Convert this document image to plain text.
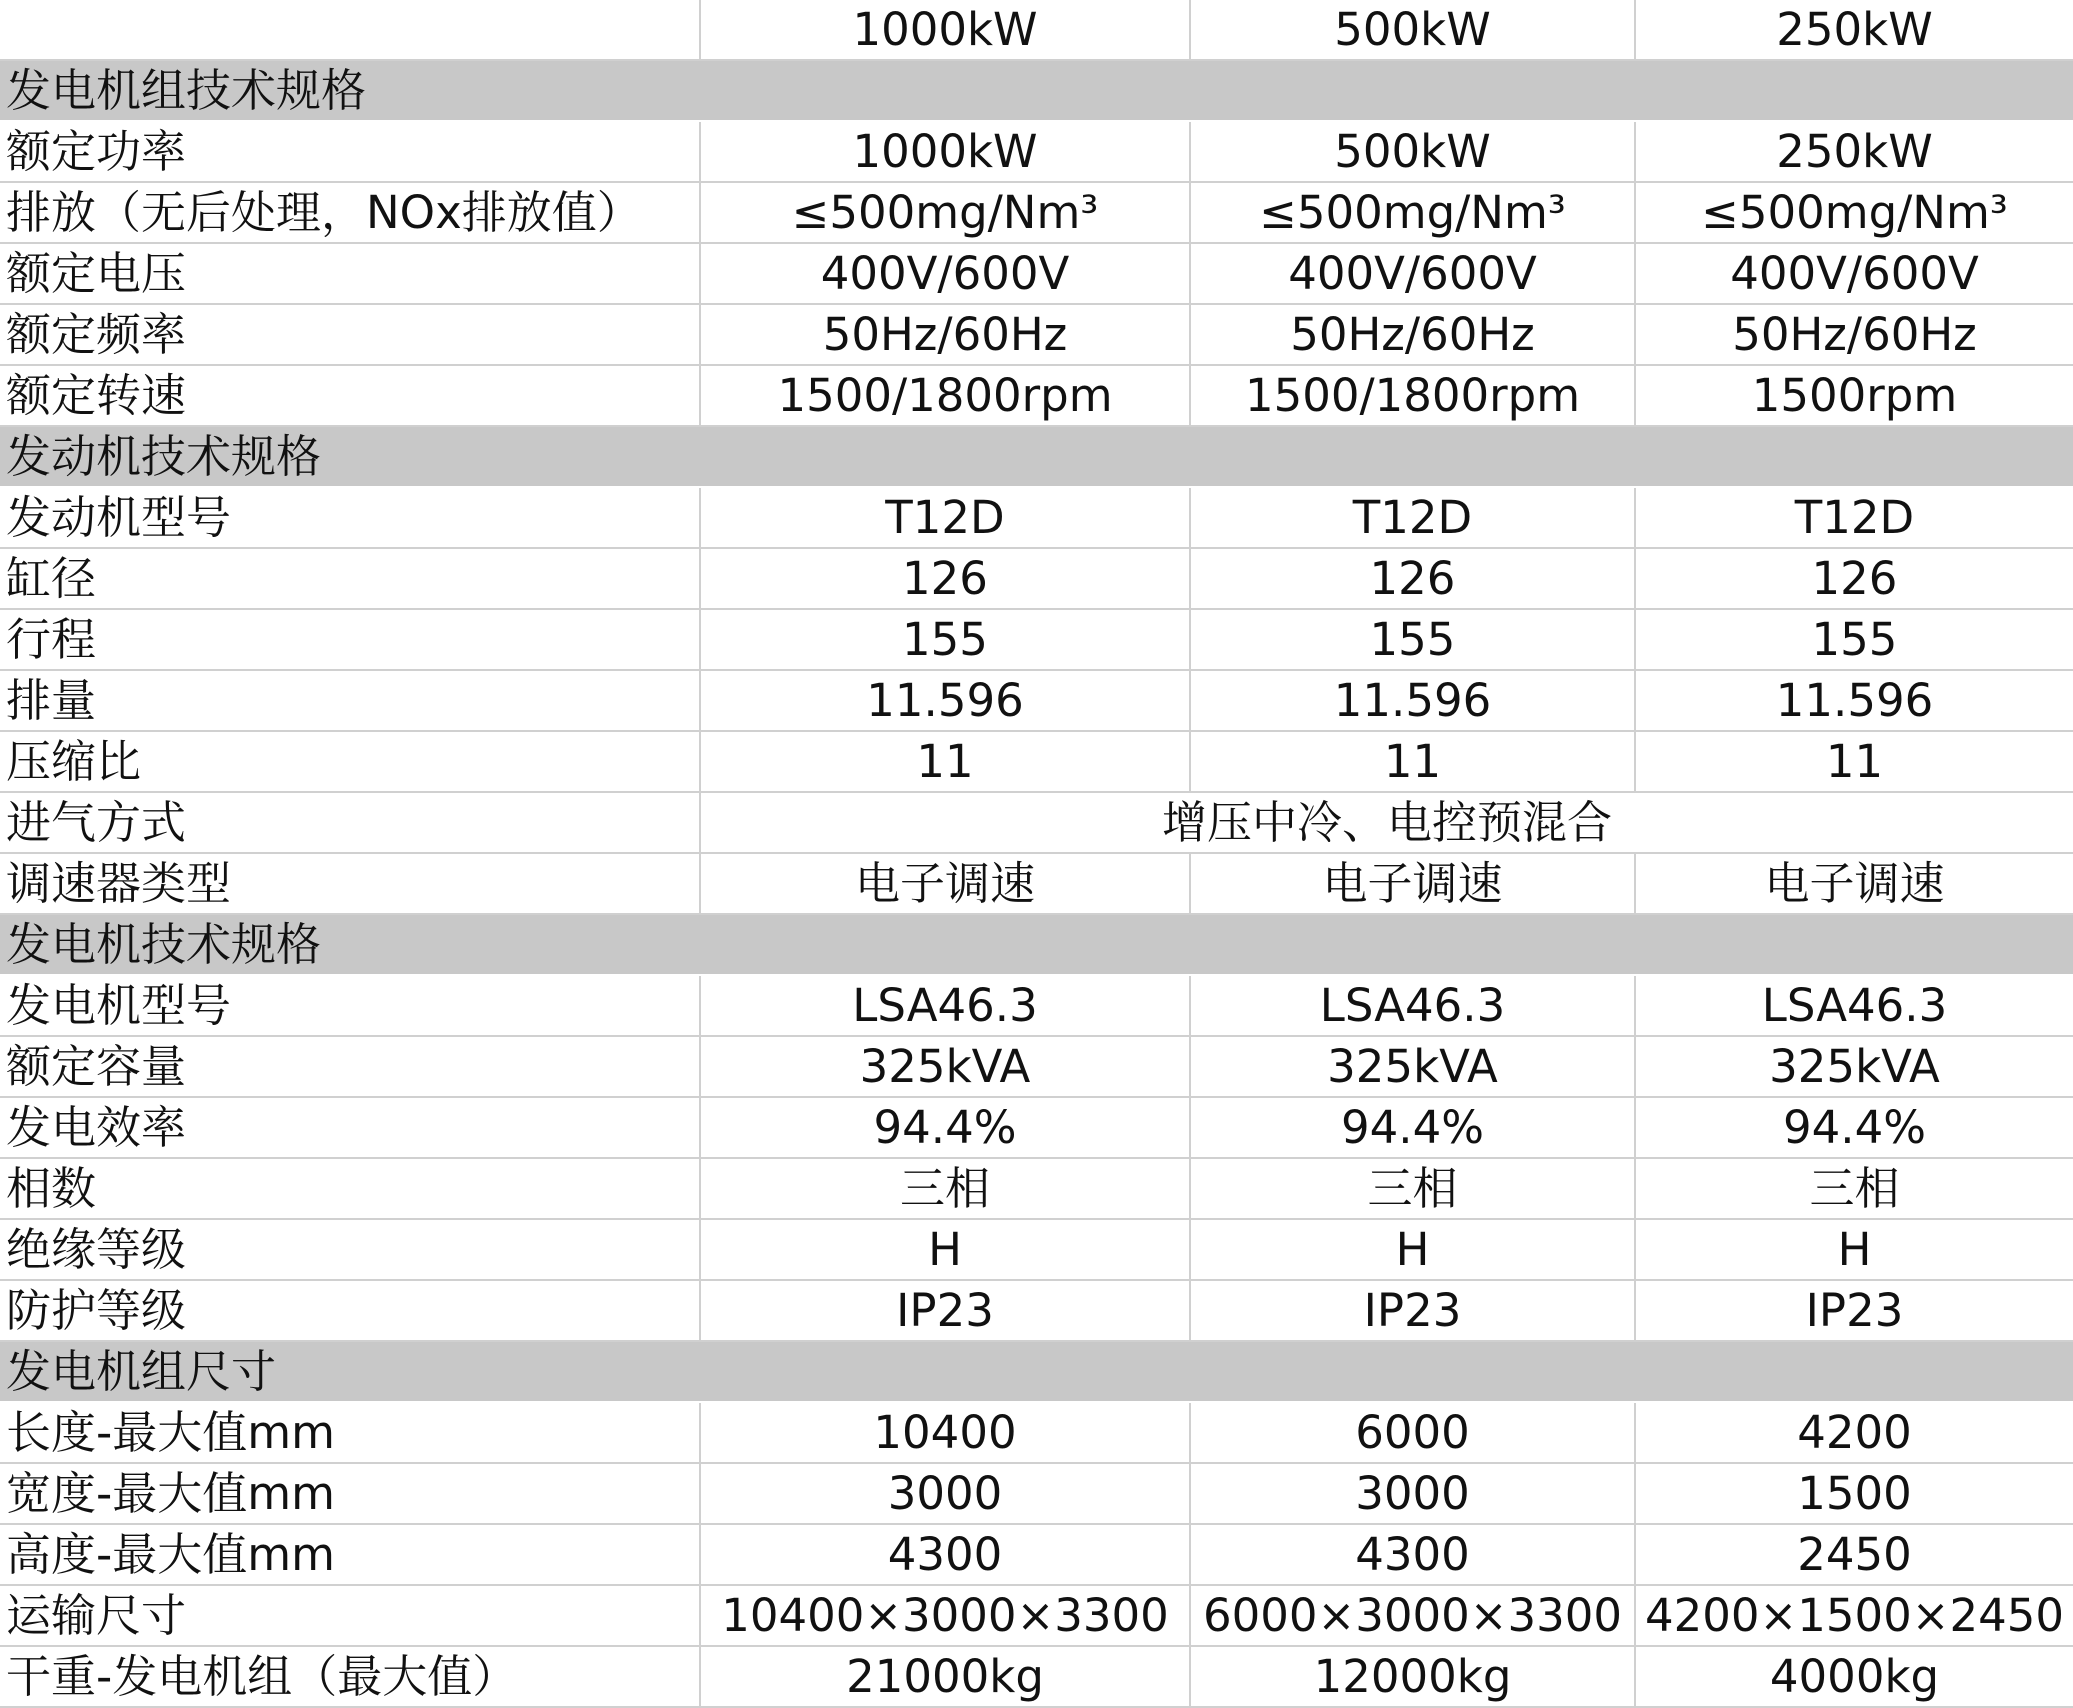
	1000kW	500kW	250kW
发电机组技术规格			
额定功率	1000kW	500kW	250kW
排放（无后处理，NOx排放值）	≤500mg/Nm³	≤500mg/Nm³	≤500mg/Nm³
额定电压	400V/600V	400V/600V	400V/600V
额定频率	50Hz/60Hz	50Hz/60Hz	50Hz/60Hz
额定转速	1500/1800rpm	1500/1800rpm	1500rpm
发动机技术规格			
发动机型号	T12D	T12D	T12D
缸径	126	126	126
行程	155	155	155
排量	11.596	11.596	11.596
压缩比	11	11	11
进气方式	增压中冷、电控预混合		
调速器类型	电子调速	电子调速	电子调速
发电机技术规格			
发电机型号	LSA46.3	LSA46.3	LSA46.3
额定容量	325kVA	325kVA	325kVA
发电效率	94.4%	94.4%	94.4%
相数	三相	三相	三相
绝缘等级	H	H	H
防护等级	IP23	IP23	IP23
发电机组尺寸			
长度-最大值mm	10400	6000	4200
宽度-最大值mm	3000	3000	1500
高度-最大值mm	4300	4300	2450
运输尺寸	10400×3000×3300	6000×3000×3300	4200×1500×2450
干重-发电机组（最大值）	21000kg	12000kg	4000kg
